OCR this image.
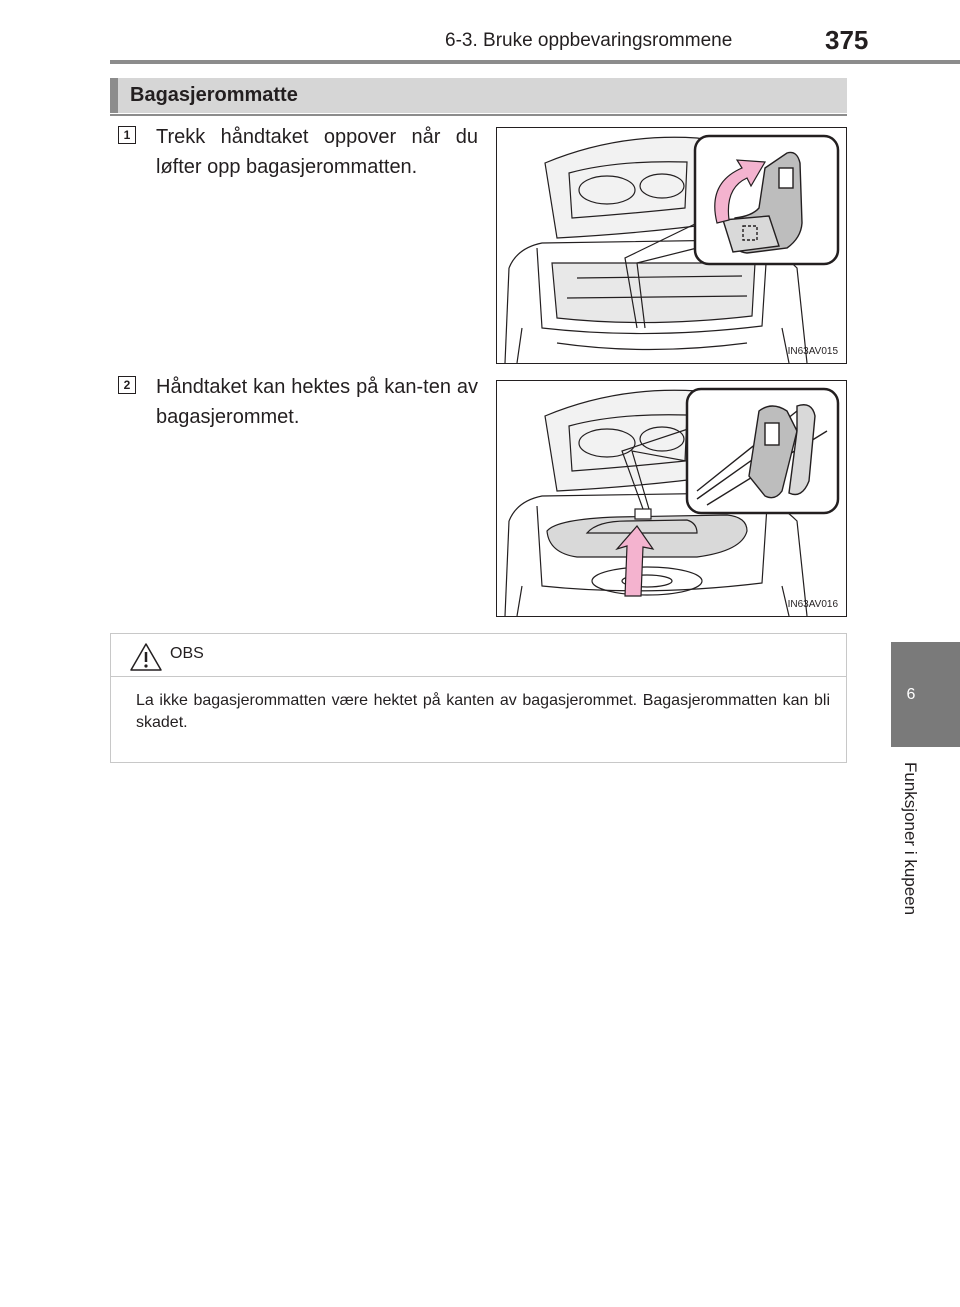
6-3. Bruke oppbevaringsrommene	375
6
Funksjoner i kupeen
Bagasjerommatte
1 Trekk håndtaket oppover når du løfter opp bagasjerommatten.
IN63AV015
2 Håndtaket kan hektes på kan-ten av bagasjerommet.
IN63AV016
OBS
La ikke bagasjerommatten være hektet på kanten av bagasjerommet. Bagasjerommatten kan bli skadet.
